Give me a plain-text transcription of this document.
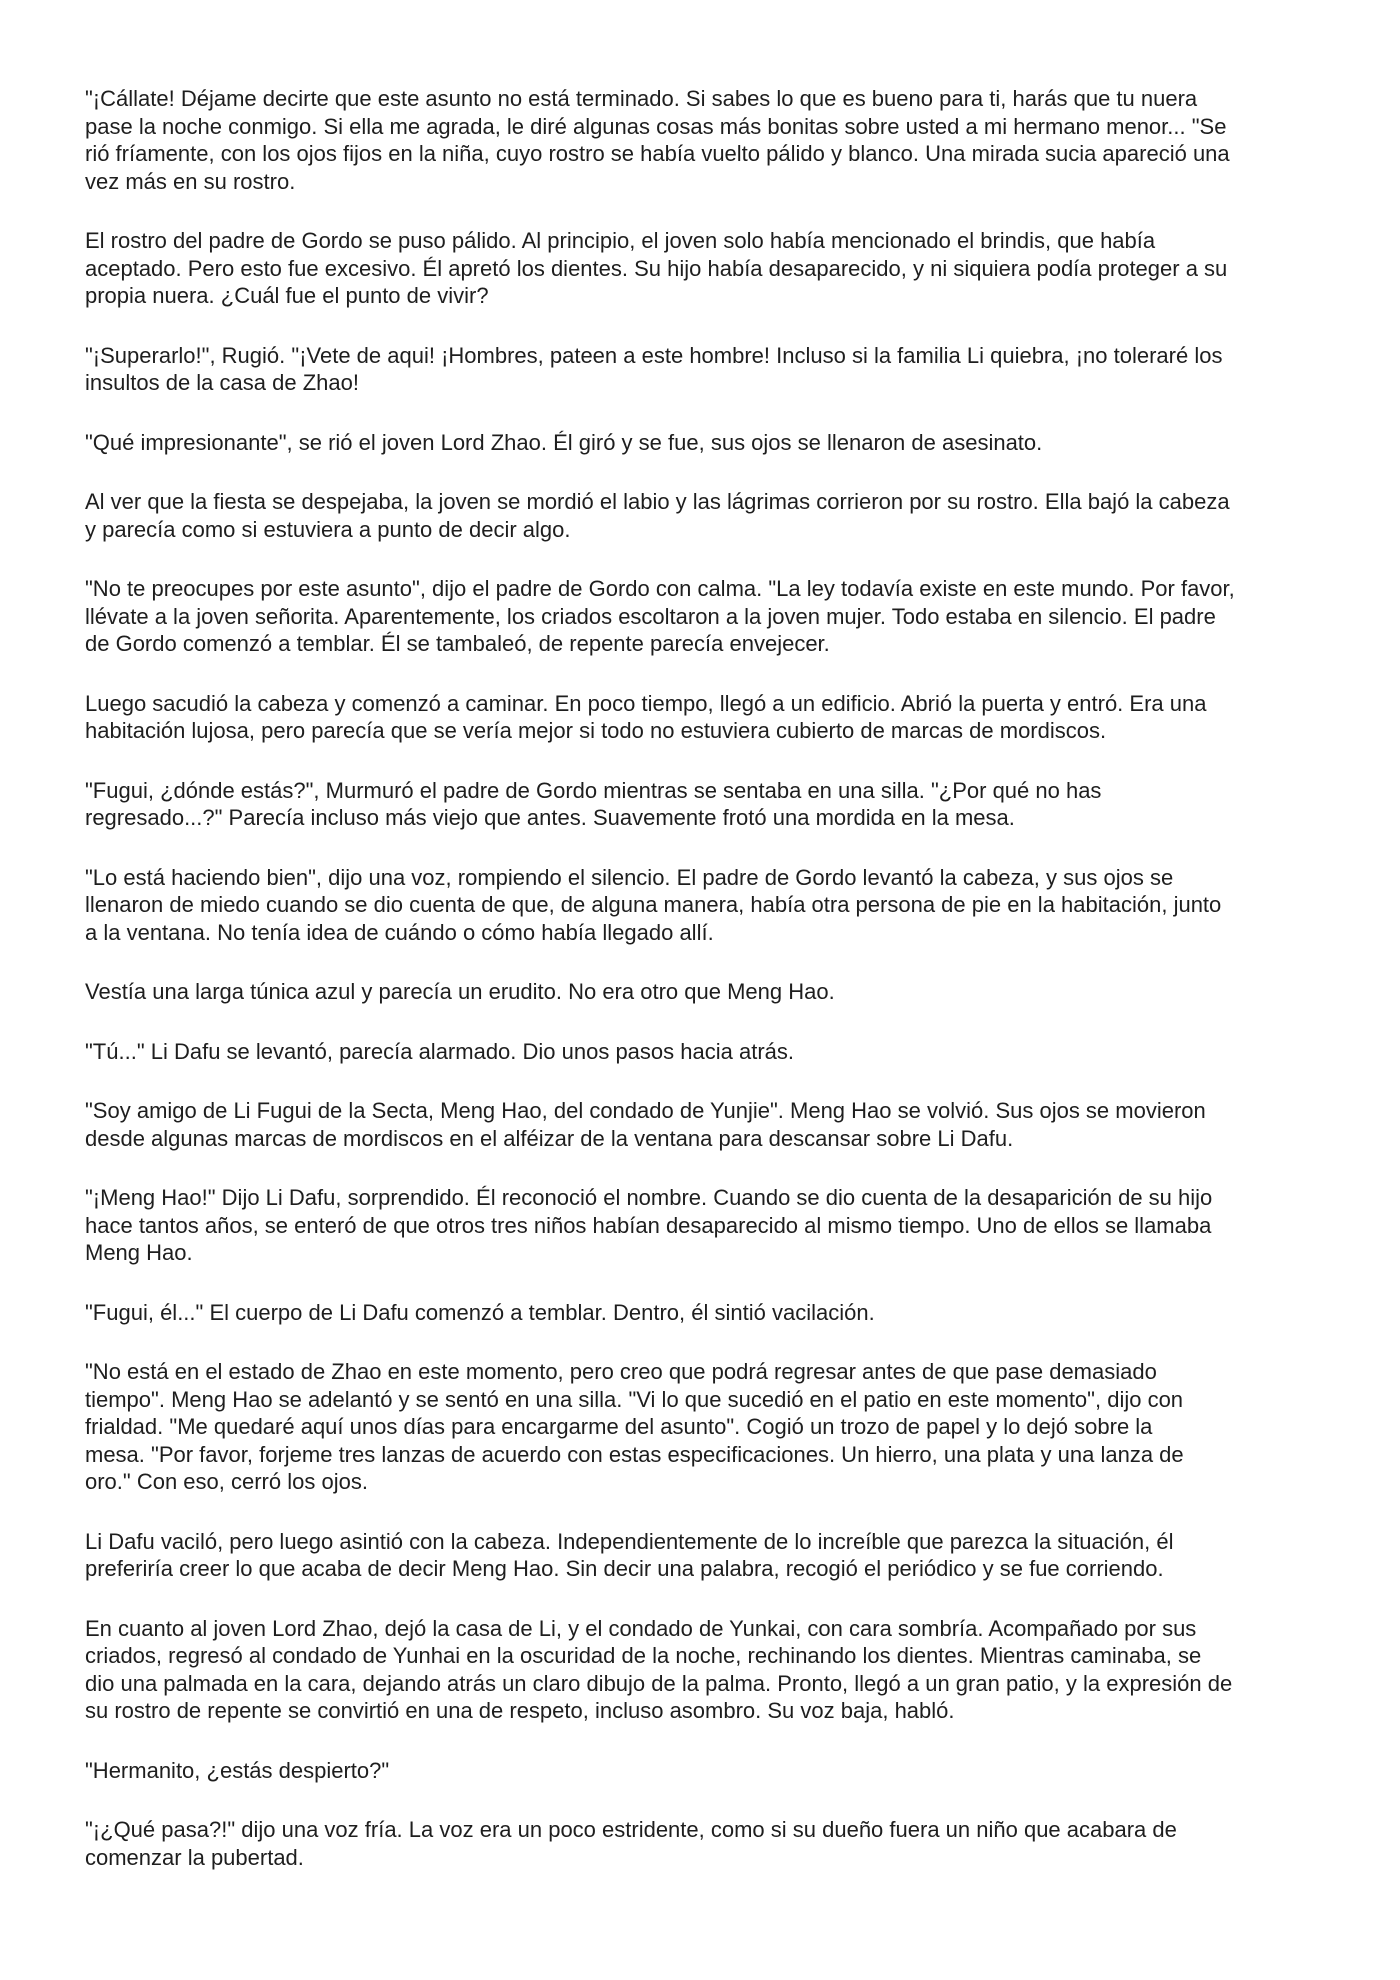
"¡Cállate! Déjame decirte que este asunto no está terminado. Si sabes lo que es bueno para ti, harás que tu nuera
pase la noche conmigo. Si ella me agrada, le diré algunas cosas más bonitas sobre usted a mi hermano menor... "Se
rió fríamente, con los ojos fijos en la niña, cuyo rostro se había vuelto pálido y blanco. Una mirada sucia apareció una
vez más en su rostro.
El rostro del padre de Gordo se puso pálido. Al principio, el joven solo había mencionado el brindis, que había
aceptado. Pero esto fue excesivo. Él apretó los dientes. Su hijo había desaparecido, y ni siquiera podía proteger a su
propia nuera. ¿Cuál fue el punto de vivir?
"¡Superarlo!", Rugió. "¡Vete de aqui! ¡Hombres, pateen a este hombre! Incluso si la familia Li quiebra, ¡no toleraré los
insultos de la casa de Zhao!
"Qué impresionante", se rió el joven Lord Zhao. Él giró y se fue, sus ojos se llenaron de asesinato.
Al ver que la fiesta se despejaba, la joven se mordió el labio y las lágrimas corrieron por su rostro. Ella bajó la cabeza
y parecía como si estuviera a punto de decir algo.
"No te preocupes por este asunto", dijo el padre de Gordo con calma. "La ley todavía existe en este mundo. Por favor,
llévate a la joven señorita. Aparentemente, los criados escoltaron a la joven mujer. Todo estaba en silencio. El padre
de Gordo comenzó a temblar. Él se tambaleó, de repente parecía envejecer.
Luego sacudió la cabeza y comenzó a caminar. En poco tiempo, llegó a un edificio. Abrió la puerta y entró. Era una
habitación lujosa, pero parecía que se vería mejor si todo no estuviera cubierto de marcas de mordiscos.
"Fugui, ¿dónde estás?", Murmuró el padre de Gordo mientras se sentaba en una silla. "¿Por qué no has
regresado...?" Parecía incluso más viejo que antes. Suavemente frotó una mordida en la mesa.
"Lo está haciendo bien", dijo una voz, rompiendo el silencio. El padre de Gordo levantó la cabeza, y sus ojos se
llenaron de miedo cuando se dio cuenta de que, de alguna manera, había otra persona de pie en la habitación, junto
a la ventana. No tenía idea de cuándo o cómo había llegado allí.
Vestía una larga túnica azul y parecía un erudito. No era otro que Meng Hao.
"Tú..." Li Dafu se levantó, parecía alarmado. Dio unos pasos hacia atrás.
"Soy amigo de Li Fugui de la Secta, Meng Hao, del condado de Yunjie". Meng Hao se volvió. Sus ojos se movieron
desde algunas marcas de mordiscos en el alféizar de la ventana para descansar sobre Li Dafu.
"¡Meng Hao!" Dijo Li Dafu, sorprendido. Él reconoció el nombre. Cuando se dio cuenta de la desaparición de su hijo
hace tantos años, se enteró de que otros tres niños habían desaparecido al mismo tiempo. Uno de ellos se llamaba
Meng Hao.
"Fugui, él..." El cuerpo de Li Dafu comenzó a temblar. Dentro, él sintió vacilación.
"No está en el estado de Zhao en este momento, pero creo que podrá regresar antes de que pase demasiado
tiempo". Meng Hao se adelantó y se sentó en una silla. "Vi lo que sucedió en el patio en este momento", dijo con
frialdad. "Me quedaré aquí unos días para encargarme del asunto". Cogió un trozo de papel y lo dejó sobre la
mesa. "Por favor, forjeme tres lanzas de acuerdo con estas especificaciones. Un hierro, una plata y una lanza de
oro." Con eso, cerró los ojos.
Li Dafu vaciló, pero luego asintió con la cabeza. Independientemente de lo increíble que parezca la situación, él
preferiría creer lo que acaba de decir Meng Hao. Sin decir una palabra, recogió el periódico y se fue corriendo.
En cuanto al joven Lord Zhao, dejó la casa de Li, y el condado de Yunkai, con cara sombría. Acompañado por sus
criados, regresó al condado de Yunhai en la oscuridad de la noche, rechinando los dientes. Mientras caminaba, se
dio una palmada en la cara, dejando atrás un claro dibujo de la palma. Pronto, llegó a un gran patio, y la expresión de
su rostro de repente se convirtió en una de respeto, incluso asombro. Su voz baja, habló.
"Hermanito, ¿estás despierto?"
"¡¿Qué pasa?!" dijo una voz fría. La voz era un poco estridente, como si su dueño fuera un niño que acabara de
comenzar la pubertad.
